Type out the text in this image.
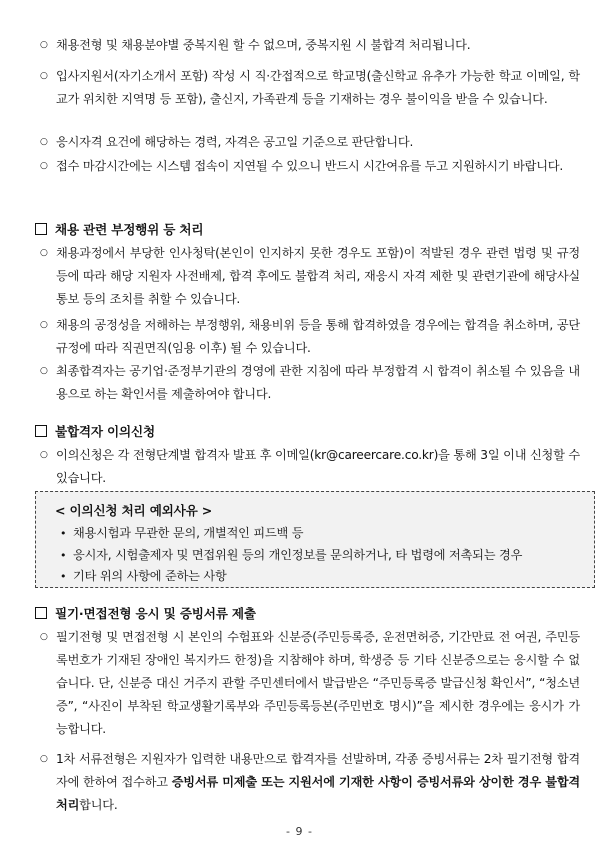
○ 채용전형 및 채용분야별 중복지원 할 수 없으며, 중복지원 시 불합격 처리됩니다.
○ 입사지원서(자기소개서 포함) 작성 시 직·간접적으로 학교명(출신학교 유추가 가능한 학교 이메일, 학교가 위치한 지역명 등 포함), 출신지, 가족관계 등을 기재하는 경우 불이익을 받을 수 있습니다.
○ 응시자격 요건에 해당하는 경력, 자격은 공고일 기준으로 판단합니다.
○ 접수 마감시간에는 시스템 접속이 지연될 수 있으니 반드시 시간여유를 두고 지원하시기 바랍니다.
채용 관련 부정행위 등 처리
○ 채용과정에서 부당한 인사청탁(본인이 인지하지 못한 경우도 포함)이 적발된 경우 관련 법령 및 규정 등에 따라 해당 지원자 사전배제, 합격 후에도 불합격 처리, 재응시 자격 제한 및 관련기관에 해당사실 통보 등의 조치를 취할 수 있습니다.
○ 채용의 공정성을 저해하는 부정행위, 채용비위 등을 통해 합격하였을 경우에는 합격을 취소하며, 공단 규정에 따라 직권면직(임용 이후) 될 수 있습니다.
○ 최종합격자는 공기업·준정부기관의 경영에 관한 지침에 따라 부정합격 시 합격이 취소될 수 있음을 내용으로 하는 확인서를 제출하여야 합니다.
불합격자 이의신청
○ 이의신청은 각 전형단계별 합격자 발표 후 이메일(kr@careercare.co.kr)을 통해 3일 이내 신청할 수 있습니다.
< 이의신청 처리 예외사유 >
• 채용시험과 무관한 문의, 개별적인 피드백 등
• 응시자, 시험출제자 및 면접위원 등의 개인정보를 문의하거나, 타 법령에 저촉되는 경우
• 기타 위의 사항에 준하는 사항
필기·면접전형 응시 및 증빙서류 제출
○ 필기전형 및 면접전형 시 본인의 수험표와 신분증(주민등록증, 운전면허증, 기간만료 전 여권, 주민등록번호가 기재된 장애인 복지카드 한정)을 지참해야 하며, 학생증 등 기타 신분증으로는 응시할 수 없습니다. 단, 신분증 대신 거주지 관할 주민센터에서 발급받은 “주민등록증 발급신청 확인서”, “청소년증”, “사진이 부착된 학교생활기록부와 주민등록등본(주민번호 명시)”을 제시한 경우에는 응시가 가능합니다.
○ 1차 서류전형은 지원자가 입력한 내용만으로 합격자를 선발하며, 각종 증빙서류는 2차 필기전형 합격자에 한하여 접수하고 증빙서류 미제출 또는 지원서에 기재한 사항이 증빙서류와 상이한 경우 불합격 처리합니다.
- 9 -
